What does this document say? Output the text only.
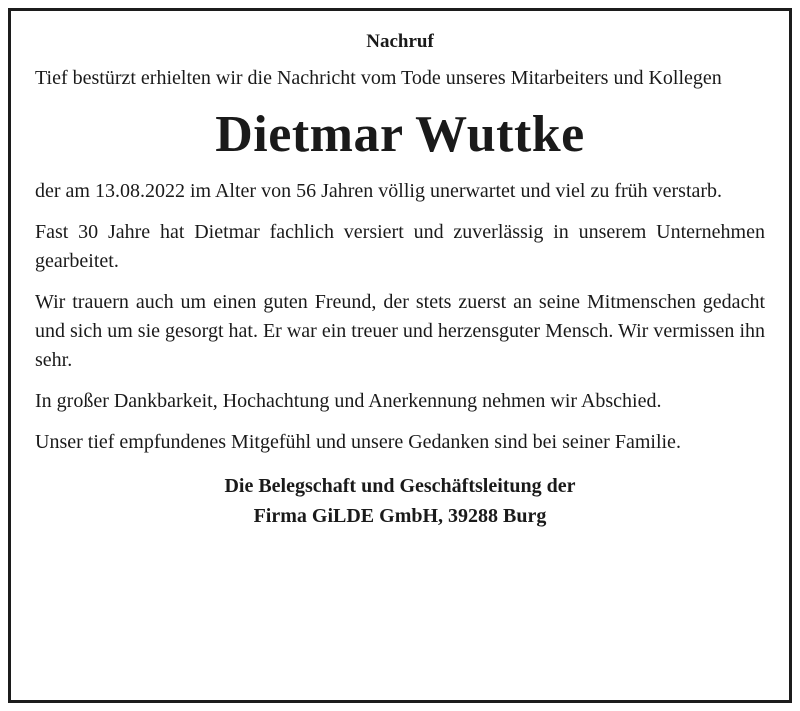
Nachruf

Tief bestürzt erhielten wir die Nachricht vom Tode unseres Mitarbeiters und Kollegen

Dietmar Wuttke

der am 13.08.2022 im Alter von 56 Jahren völlig unerwartet und viel zu früh verstarb.

Fast 30 Jahre hat Dietmar fachlich versiert und zuverlässig in unserem Unternehmen gearbeitet.

Wir trauern auch um einen guten Freund, der stets zuerst an seine Mitmenschen gedacht und sich um sie gesorgt hat. Er war ein treuer und herzensguter Mensch. Wir vermissen ihn sehr.

In großer Dankbarkeit, Hochachtung und Anerkennung nehmen wir Abschied.

Unser tief empfundenes Mitgefühl und unsere Gedanken sind bei seiner Familie.

Die Belegschaft und Geschäftsleitung der
Firma GiLDE GmbH, 39288 Burg
